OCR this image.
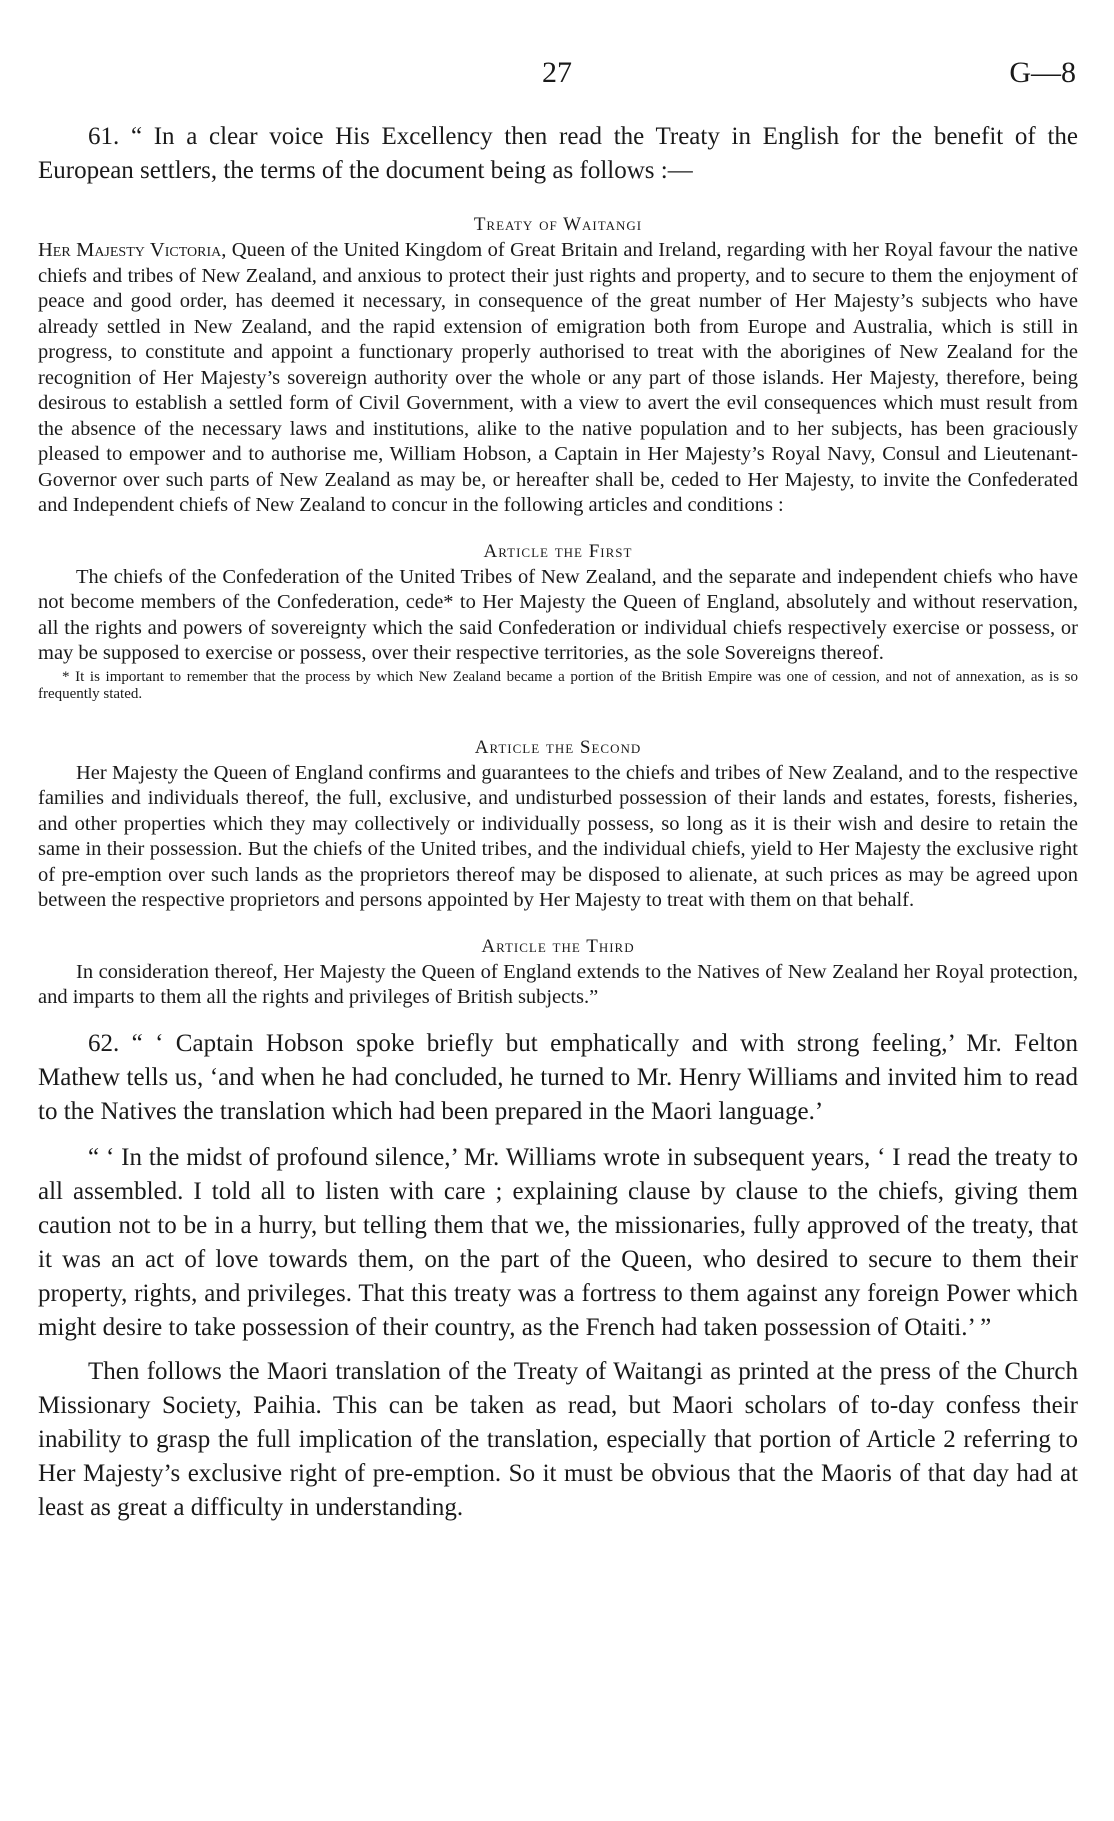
27	G—8

61. “ In a clear voice His Excellency then read the Treaty in English for the benefit of the European settlers, the terms of the document being as follows :—

Treaty of Waitangi

Her Majesty Victoria, Queen of the United Kingdom of Great Britain and Ireland, regarding with her Royal favour the native chiefs and tribes of New Zealand, and anxious to protect their just rights and property, and to secure to them the enjoyment of peace and good order, has deemed it necessary, in consequence of the great number of Her Majesty’s subjects who have already settled in New Zealand, and the rapid extension of emigration both from Europe and Australia, which is still in progress, to constitute and appoint a functionary properly authorised to treat with the aborigines of New Zealand for the recognition of Her Majesty’s sovereign authority over the whole or any part of those islands. Her Majesty, therefore, being desirous to establish a settled form of Civil Government, with a view to avert the evil consequences which must result from the absence of the necessary laws and institutions, alike to the native population and to her subjects, has been graciously pleased to empower and to authorise me, William Hobson, a Captain in Her Majesty’s Royal Navy, Consul and Lieutenant-Governor over such parts of New Zealand as may be, or hereafter shall be, ceded to Her Majesty, to invite the Confederated and Independent chiefs of New Zealand to concur in the following articles and conditions :

Article the First

The chiefs of the Confederation of the United Tribes of New Zealand, and the separate and independent chiefs who have not become members of the Confederation, cede* to Her Majesty the Queen of England, absolutely and without reservation, all the rights and powers of sovereignty which the said Confederation or individual chiefs respectively exercise or possess, or may be supposed to exercise or possess, over their respective territories, as the sole Sovereigns thereof.

* It is important to remember that the process by which New Zealand became a portion of the British Empire was one of cession, and not of annexation, as is so frequently stated.

Article the Second

Her Majesty the Queen of England confirms and guarantees to the chiefs and tribes of New Zealand, and to the respective families and individuals thereof, the full, exclusive, and undisturbed possession of their lands and estates, forests, fisheries, and other properties which they may collectively or individually possess, so long as it is their wish and desire to retain the same in their possession. But the chiefs of the United tribes, and the individual chiefs, yield to Her Majesty the exclusive right of pre-emption over such lands as the proprietors thereof may be disposed to alienate, at such prices as may be agreed upon between the respective proprietors and persons appointed by Her Majesty to treat with them on that behalf.

Article the Third

In consideration thereof, Her Majesty the Queen of England extends to the Natives of New Zealand her Royal protection, and imparts to them all the rights and privileges of British subjects.”

62. “ ‘ Captain Hobson spoke briefly but emphatically and with strong feeling,’ Mr. Felton Mathew tells us, ‘and when he had concluded, he turned to Mr. Henry Williams and invited him to read to the Natives the translation which had been prepared in the Maori language.’

“ ‘ In the midst of profound silence,’ Mr. Williams wrote in subsequent years, ‘ I read the treaty to all assembled. I told all to listen with care ; explaining clause by clause to the chiefs, giving them caution not to be in a hurry, but telling them that we, the missionaries, fully approved of the treaty, that it was an act of love towards them, on the part of the Queen, who desired to secure to them their property, rights, and privileges. That this treaty was a fortress to them against any foreign Power which might desire to take possession of their country, as the French had taken possession of Otaiti.’ ”

Then follows the Maori translation of the Treaty of Waitangi as printed at the press of the Church Missionary Society, Paihia. This can be taken as read, but Maori scholars of to-day confess their inability to grasp the full implication of the translation, especially that portion of Article 2 referring to Her Majesty’s exclusive right of pre-emption. So it must be obvious that the Maoris of that day had at least as great a difficulty in understanding.
